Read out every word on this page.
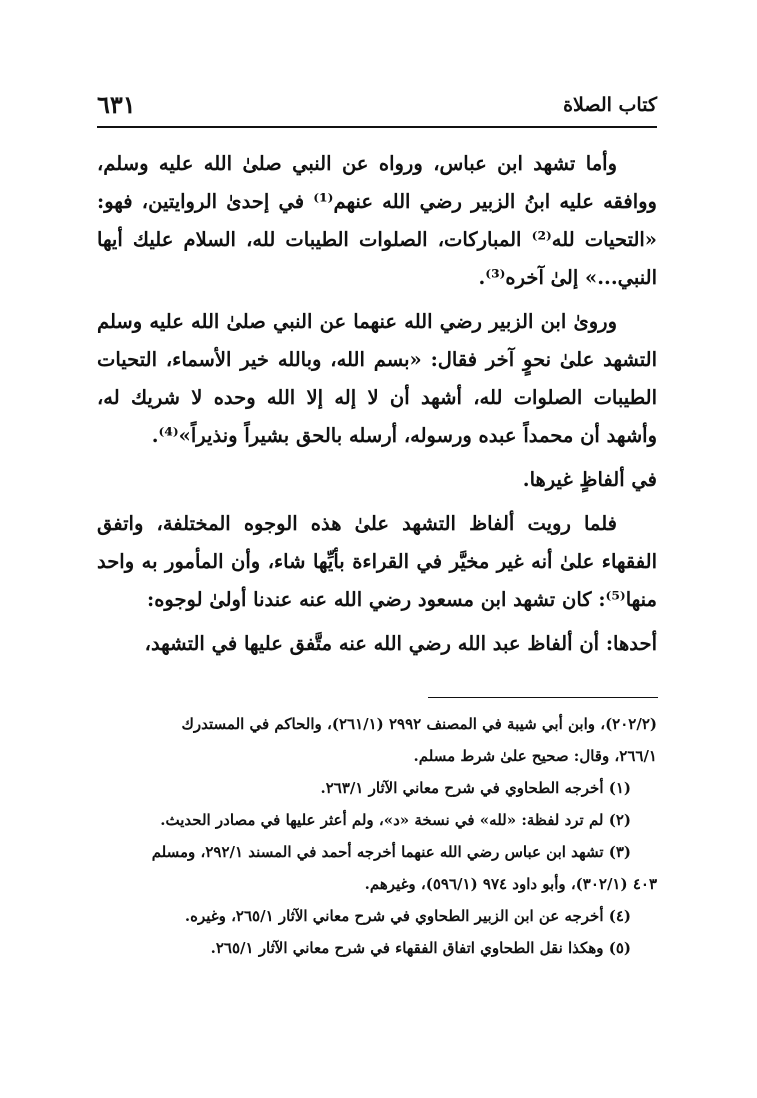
كتاب الصلاة
٦٣١

وأما تشهد ابن عباس، ورواه عن النبي صلىٰ الله عليه وسلم، ووافقه عليه ابنُ الزبير رضي الله عنهم⁽¹⁾ في إحدىٰ الروايتين، فهو: «التحيات لله⁽²⁾ المباركات، الصلوات الطيبات لله، السلام عليك أيها النبي...» إلىٰ آخره⁽³⁾.

وروىٰ ابن الزبير رضي الله عنهما عن النبي صلىٰ الله عليه وسلم التشهد علىٰ نحوٍ آخر فقال: «بسم الله، وبالله خير الأسماء، التحيات الطيبات الصلوات لله، أشهد أن لا إله إلا الله وحده لا شريك له، وأشهد أن محمداً عبده ورسوله، أرسله بالحق بشيراً ونذيراً»⁽⁴⁾.

في ألفاظٍ غيرها.

فلما رويت ألفاظ التشهد علىٰ هذه الوجوه المختلفة، واتفق الفقهاء علىٰ أنه غير مخيَّر في القراءة بأيِّها شاء، وأن المأمور به واحد منها⁽⁵⁾: كان تشهد ابن مسعود رضي الله عنه عندنا أولىٰ لوجوه:

أحدها: أن ألفاظ عبد الله رضي الله عنه متَّفق عليها في التشهد،

(٢٠٢/٢)، وابن أبي شيبة في المصنف ٢٩٩٢ (٢٦١/١)، والحاكم في المستدرك

٢٦٦/١، وقال: صحيح علىٰ شرط مسلم.

(١) أخرجه الطحاوي في شرح معاني الآثار ٢٦٣/١.

(٢) لم ترد لفظة: «لله» في نسخة «د»، ولم أعثر عليها في مصادر الحديث.

(٣) تشهد ابن عباس رضي الله عنهما أخرجه أحمد في المسند ٢٩٢/١، ومسلم

٤٠٣ (٣٠٢/١)، وأبو داود ٩٧٤ (٥٩٦/١)، وغيرهم.

(٤) أخرجه عن ابن الزبير الطحاوي في شرح معاني الآثار ٢٦٥/١، وغيره.

(٥) وهكذا نقل الطحاوي اتفاق الفقهاء في شرح معاني الآثار ٢٦٥/١.
